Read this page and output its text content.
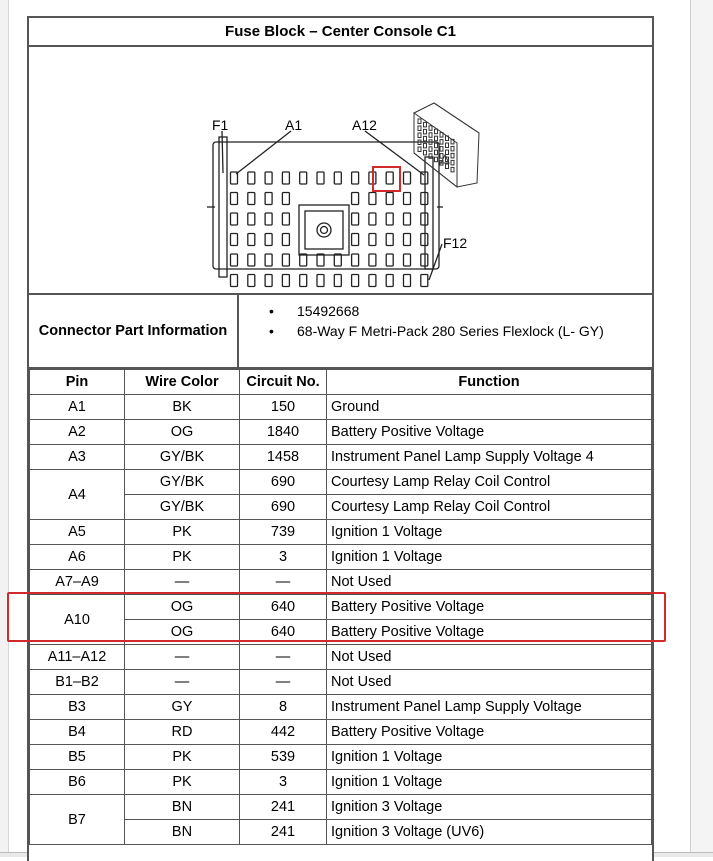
Fuse Block – Center Console C1
F1	A1	A12
F12
Connector Part Information
•	15492668
•	68-Way F Metri-Pack 280 Series Flexlock (L- GY)
Pin	Wire Color	Circuit No.	Function
A1	BK	150	Ground
A2	OG	1840	Battery Positive Voltage
A3	GY/BK	1458	Instrument Panel Lamp Supply Voltage 4
A4	GY/BK	690	Courtesy Lamp Relay Coil Control
	GY/BK	690	Courtesy Lamp Relay Coil Control
A5	PK	739	Ignition 1 Voltage
A6	PK	3	Ignition 1 Voltage
A7–A9	—	—	Not Used
A10	OG	640	Battery Positive Voltage
	OG	640	Battery Positive Voltage
A11–A12	—	—	Not Used
B1–B2	—	—	Not Used
B3	GY	8	Instrument Panel Lamp Supply Voltage
B4	RD	442	Battery Positive Voltage
B5	PK	539	Ignition 1 Voltage
B6	PK	3	Ignition 1 Voltage
B7	BN	241	Ignition 3 Voltage
	BN	241	Ignition 3 Voltage (UV6)
